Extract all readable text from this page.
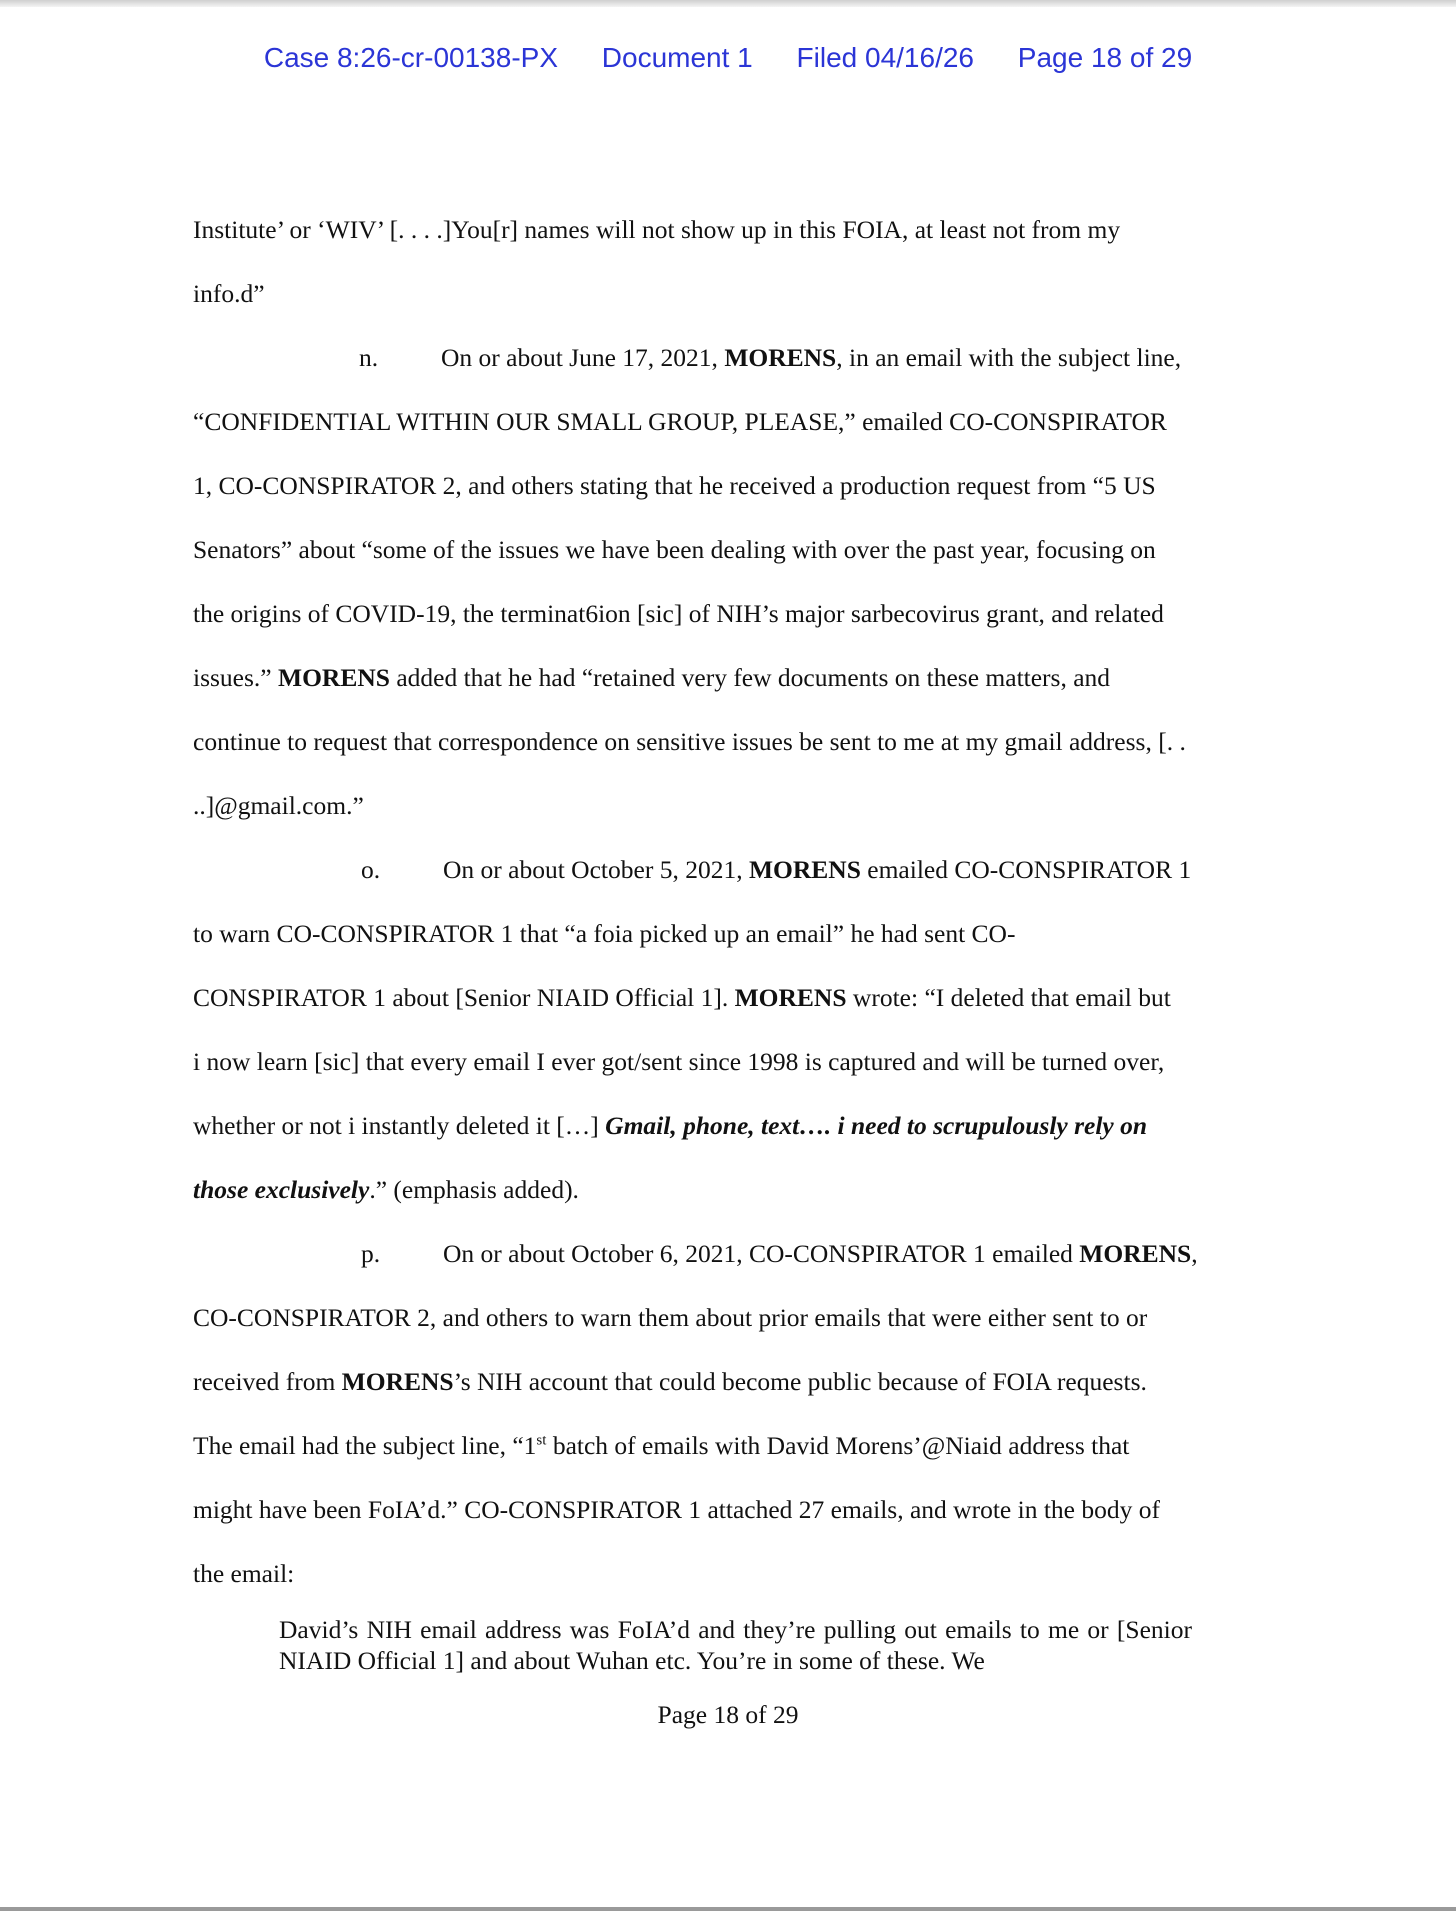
Case 8:26-cr-00138-PX Document 1 Filed 04/16/26 Page 18 of 29
Institute’ or ‘WIV’ [. . . .]You[r] names will not show up in this FOIA, at least not from my
info.d”
n. On or about June 17, 2021, MORENS, in an email with the subject line,
“CONFIDENTIAL WITHIN OUR SMALL GROUP, PLEASE,” emailed CO-CONSPIRATOR
1, CO-CONSPIRATOR 2, and others stating that he received a production request from “5 US
Senators” about “some of the issues we have been dealing with over the past year, focusing on
the origins of COVID-19, the terminat6ion [sic] of NIH’s major sarbecovirus grant, and related
issues.” MORENS added that he had “retained very few documents on these matters, and
continue to request that correspondence on sensitive issues be sent to me at my gmail address, [. .
..]@gmail.com.”
o. On or about October 5, 2021, MORENS emailed CO-CONSPIRATOR 1
to warn CO-CONSPIRATOR 1 that “a foia picked up an email” he had sent CO-
CONSPIRATOR 1 about [Senior NIAID Official 1]. MORENS wrote: “I deleted that email but
i now learn [sic] that every email I ever got/sent since 1998 is captured and will be turned over,
whether or not i instantly deleted it […] Gmail, phone, text…. i need to scrupulously rely on
those exclusively.” (emphasis added).
p. On or about October 6, 2021, CO-CONSPIRATOR 1 emailed MORENS,
CO-CONSPIRATOR 2, and others to warn them about prior emails that were either sent to or
received from MORENS’s NIH account that could become public because of FOIA requests.
The email had the subject line, “1st batch of emails with David Morens’@Niaid address that
might have been FoIA’d.” CO-CONSPIRATOR 1 attached 27 emails, and wrote in the body of
the email:
David’s NIH email address was FoIA’d and they’re pulling out emails to me or [Senior NIAID Official 1] and about Wuhan etc. You’re in some of these. We
Page 18 of 29
